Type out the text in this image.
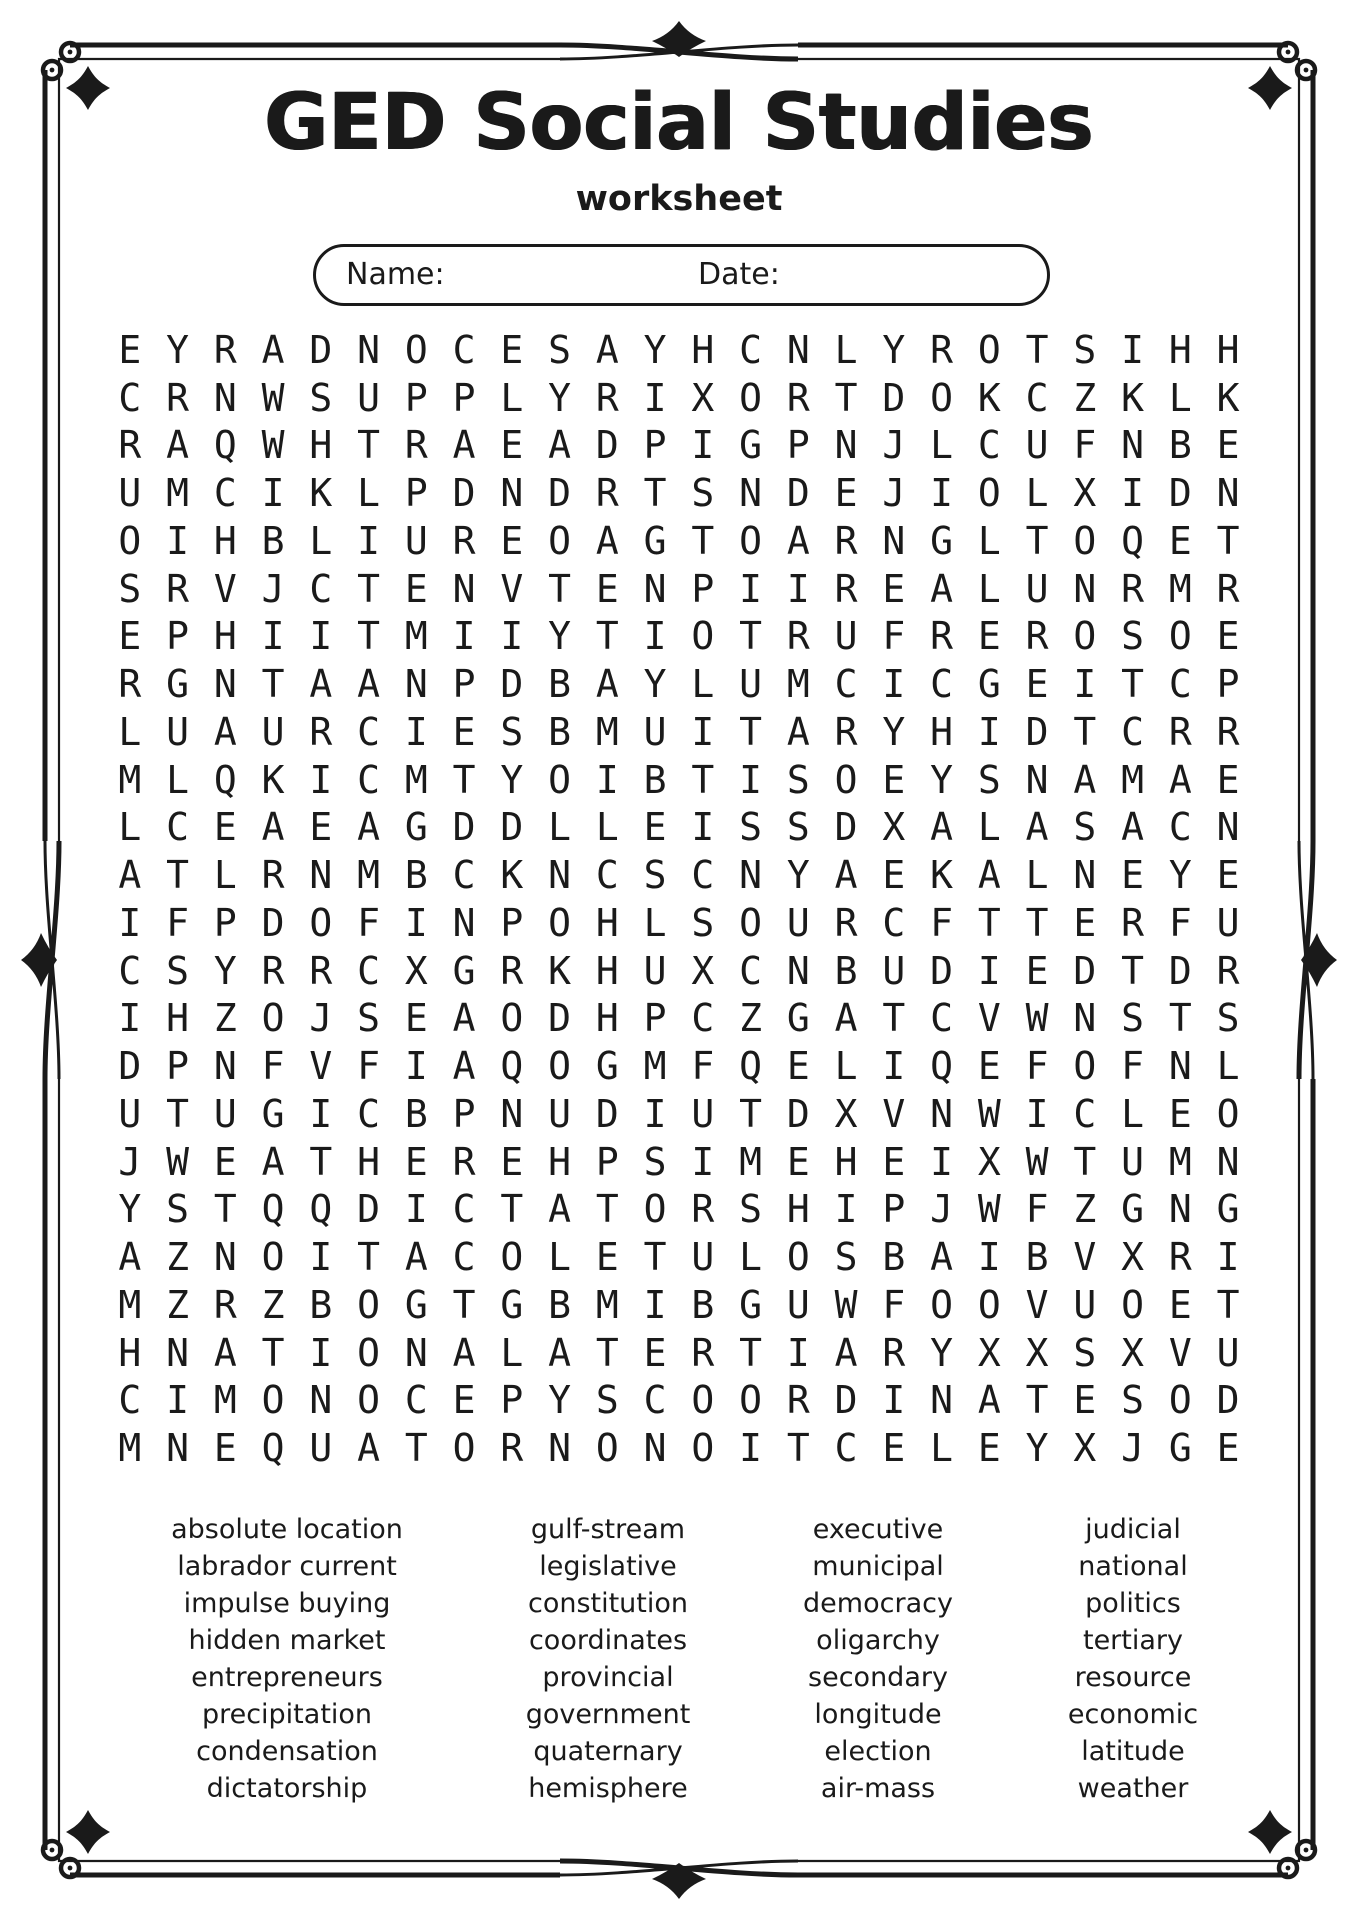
GED Social Studies
worksheet
Name:	Date:
E Y R A D N O C E S A Y H C N L Y R O T S I H H
C R N W S U P P L Y R I X O R T D O K C Z K L K
R A Q W H T R A E A D P I G P N J L C U F N B E
U M C I K L P D N D R T S N D E J I O L X I D N
O I H B L I U R E O A G T O A R N G L T O Q E T
S R V J C T E N V T E N P I I R E A L U N R M R
E P H I I T M I I Y T I O T R U F R E R O S O E
R G N T A A N P D B A Y L U M C I C G E I T C P
L U A U R C I E S B M U I T A R Y H I D T C R R
M L Q K I C M T Y O I B T I S O E Y S N A M A E
L C E A E A G D D L L E I S S D X A L A S A C N
A T L R N M B C K N C S C N Y A E K A L N E Y E
I F P D O F I N P O H L S O U R C F T T E R F U
C S Y R R C X G R K H U X C N B U D I E D T D R
I H Z O J S E A O D H P C Z G A T C V W N S T S
D P N F V F I A Q O G M F Q E L I Q E F O F N L
U T U G I C B P N U D I U T D X V N W I C L E O
J W E A T H E R E H P S I M E H E I X W T U M N
Y S T Q Q D I C T A T O R S H I P J W F Z G N G
A Z N O I T A C O L E T U L O S B A I B V X R I
M Z R Z B O G T G B M I B G U W F O O V U O E T
H N A T I O N A L A T E R T I A R Y X X S X V U
C I M O N O C E P Y S C O O R D I N A T E S O D
M N E Q U A T O R N O N O I T C E L E Y X J G E
absolute location
labrador current
impulse buying
hidden market
entrepreneurs
precipitation
condensation
dictatorship
gulf-stream
legislative
constitution
coordinates
provincial
government
quaternary
hemisphere
executive
municipal
democracy
oligarchy
secondary
longitude
election
air-mass
judicial
national
politics
tertiary
resource
economic
latitude
weather
